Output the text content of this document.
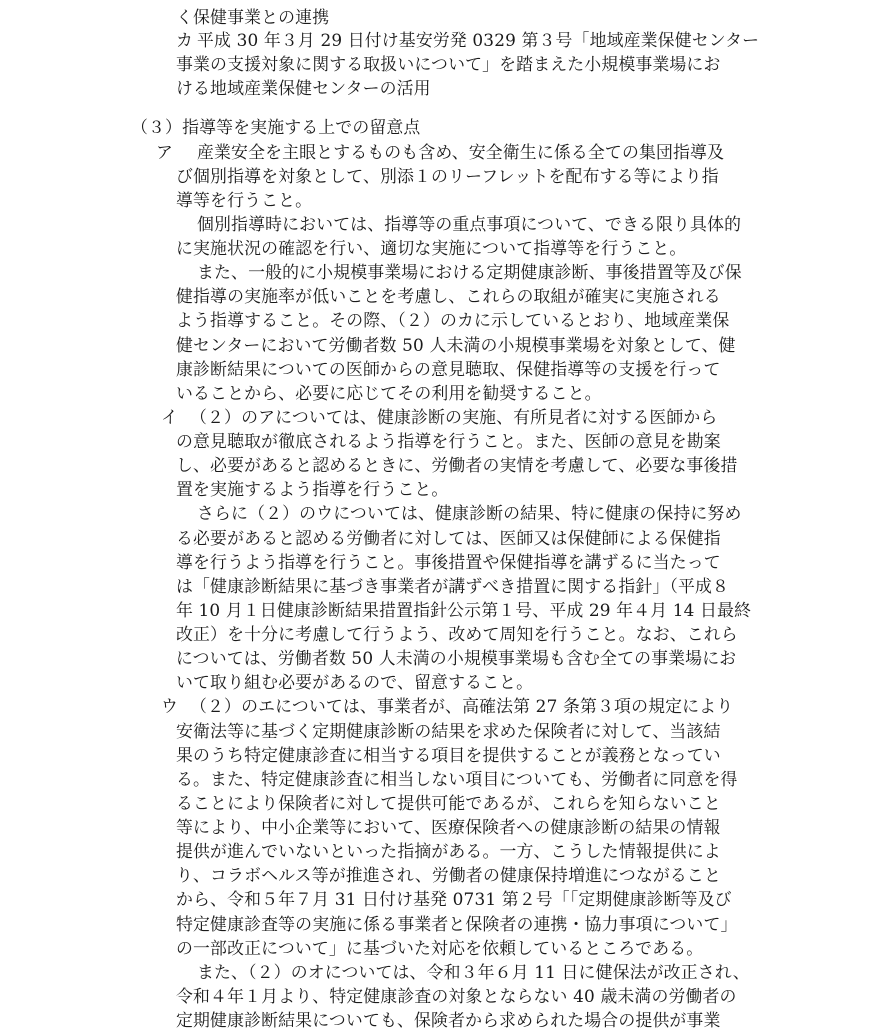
く保健事業との連携
カ 平成 30 年３月 29 日付け基安労発 0329 第３号「地域産業保健センター
事業の支援対象に関する取扱いについて」を踏まえた小規模事業場にお
ける地域産業保健センターの活用
（３）指導等を実施する上での留意点
ア 産業安全を主眼とするものも含め、安全衛生に係る全ての集団指導及
び個別指導を対象として、別添１のリーフレットを配布する等により指
導等を行うこと。
個別指導時においては、指導等の重点事項について、できる限り具体的
に実施状況の確認を行い、適切な実施について指導等を行うこと。
また、一般的に小規模事業場における定期健康診断、事後措置等及び保
健指導の実施率が低いことを考慮し、これらの取組が確実に実施される
よう指導すること。その際、（２）のカに示しているとおり、地域産業保
健センターにおいて労働者数 50 人未満の小規模事業場を対象として、健
康診断結果についての医師からの意見聴取、保健指導等の支援を行って
いることから、必要に応じてその利用を勧奨すること。
イ （２）のアについては、健康診断の実施、有所見者に対する医師から
の意見聴取が徹底されるよう指導を行うこと。また、医師の意見を勘案
し、必要があると認めるときに、労働者の実情を考慮して、必要な事後措
置を実施するよう指導を行うこと。
さらに（２）のウについては、健康診断の結果、特に健康の保持に努め
る必要があると認める労働者に対しては、医師又は保健師による保健指
導を行うよう指導を行うこと。事後措置や保健指導を講ずるに当たって
は「健康診断結果に基づき事業者が講ずべき措置に関する指針」（平成８
年 10 月１日健康診断結果措置指針公示第１号、平成 29 年４月 14 日最終
改正）を十分に考慮して行うよう、改めて周知を行うこと。なお、これら
については、労働者数 50 人未満の小規模事業場も含む全ての事業場にお
いて取り組む必要があるので、留意すること。
ウ （２）のエについては、事業者が、高確法第 27 条第３項の規定により
安衛法等に基づく定期健康診断の結果を求めた保険者に対して、当該結
果のうち特定健康診査に相当する項目を提供することが義務となってい
る。また、特定健康診査に相当しない項目についても、労働者に同意を得
ることにより保険者に対して提供可能であるが、これらを知らないこと
等により、中小企業等において、医療保険者への健康診断の結果の情報
提供が進んでいないといった指摘がある。一方、こうした情報提供によ
り、コラボヘルス等が推進され、労働者の健康保持増進につながること
から、令和５年７月 31 日付け基発 0731 第２号「「定期健康診断等及び
特定健康診査等の実施に係る事業者と保険者の連携・協力事項について」
の一部改正について」に基づいた対応を依頼しているところである。
また、（２）のオについては、令和３年６月 11 日に健保法が改正され、
令和４年１月より、特定健康診査の対象とならない 40 歳未満の労働者の
定期健康診断結果についても、保険者から求められた場合の提供が事業
